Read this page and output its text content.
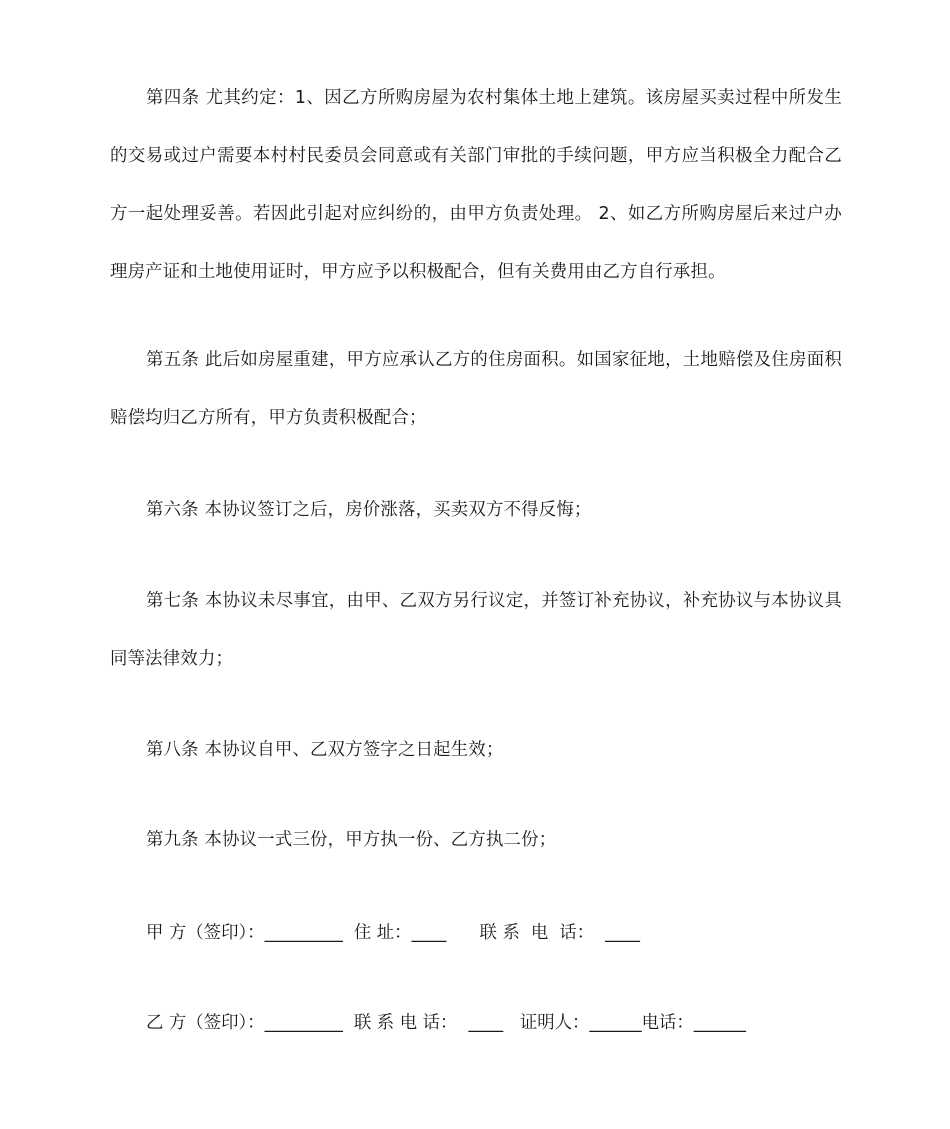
第四条 尤其约定：1、因乙方所购房屋为农村集体土地上建筑。该房屋买卖过程中所发生的交易或过户需要本村村民委员会同意或有关部门审批的手续问题，甲方应当积极全力配合乙方一起处理妥善。若因此引起对应纠纷的，由甲方负责处理。 2、如乙方所购房屋后来过户办理房产证和土地使用证时，甲方应予以积极配合，但有关费用由乙方自行承担。

第五条 此后如房屋重建，甲方应承认乙方的住房面积。如国家征地，土地赔偿及住房面积赔偿均归乙方所有，甲方负责积极配合；

第六条 本协议签订之后，房价涨落，买卖双方不得反悔；

第七条 本协议未尽事宜，由甲、乙双方另行议定，并签订补充协议，补充协议与本协议具同等法律效力；

第八条 本协议自甲、乙双方签字之日起生效；

第九条 本协议一式三份，甲方执一份、乙方执二份；

甲 方（签印）：_________  住 址：____      联 系  电  话：  ____

乙 方（签印）：_________  联 系 电 话：  ____   证明人：______电话：______
